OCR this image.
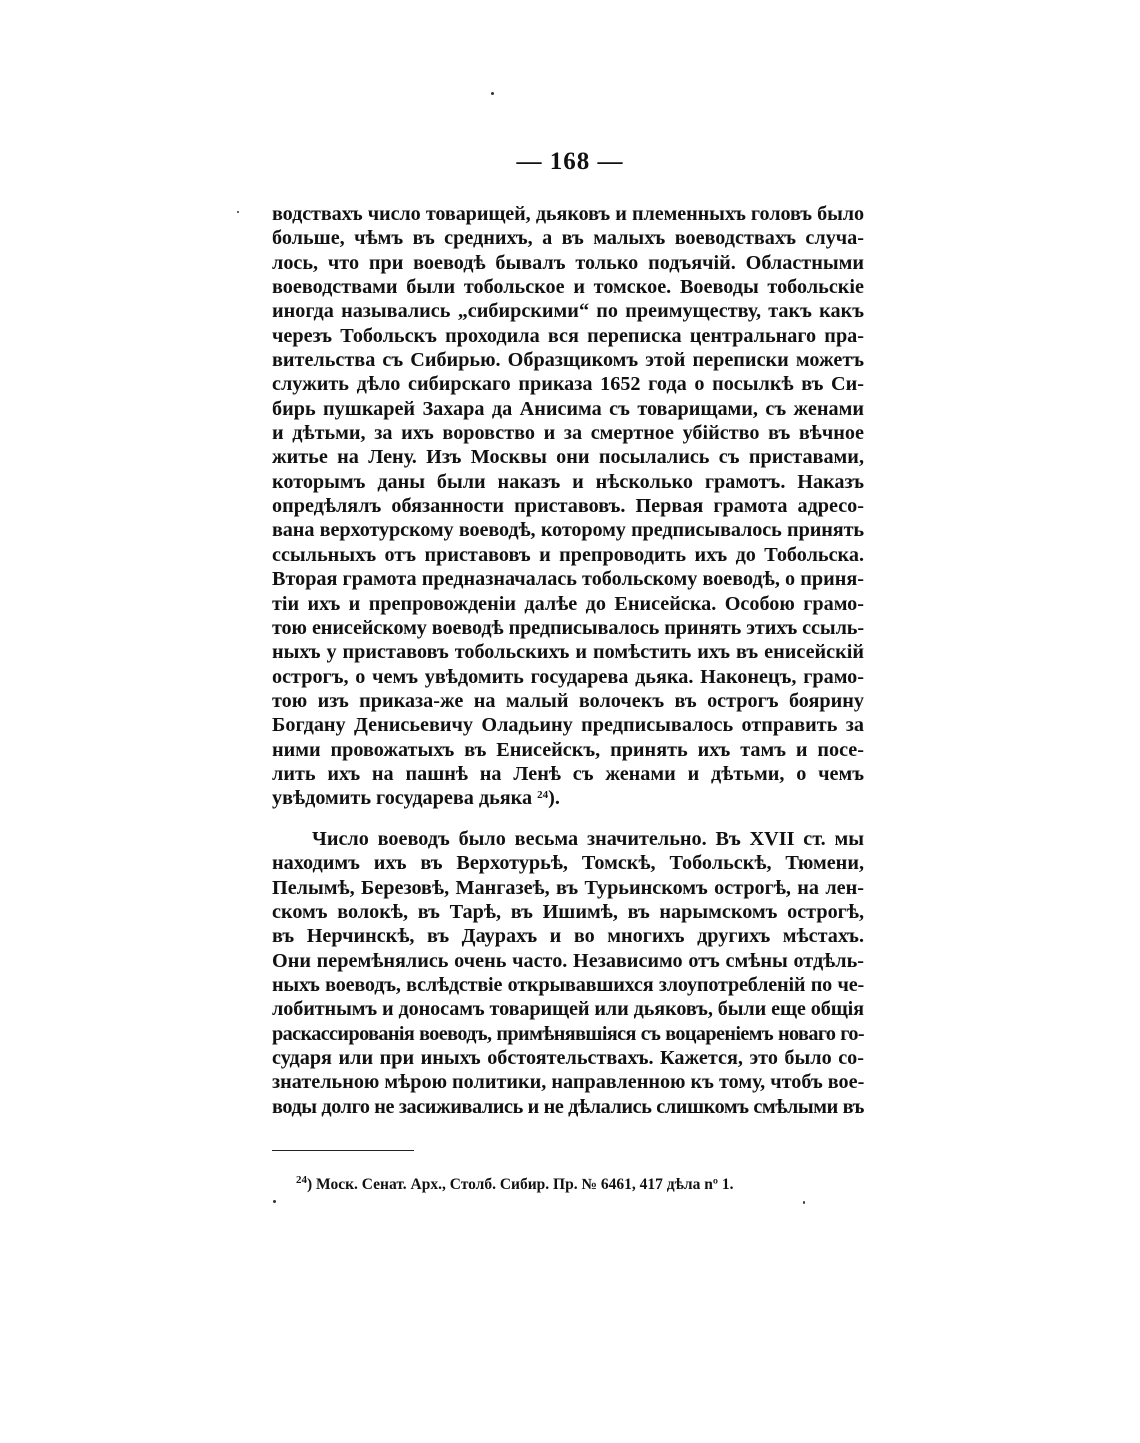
— 168 —
водствахъ число товарищей, дьяковъ и племенныхъ головъ было
больше, чѣмъ въ среднихъ, а въ малыхъ воеводствахъ случа-
лось, что при воеводѣ бывалъ только подъячій. Областными
воеводствами были тобольское и томское. Воеводы тобольскіе
иногда назывались „сибирскими“ по преимуществу, такъ какъ
черезъ Тобольскъ проходила вся переписка центральнаго пра-
вительства съ Сибирью. Образщикомъ этой переписки можетъ
служить дѣло сибирскаго приказа 1652 года о посылкѣ въ Си-
бирь пушкарей Захара да Анисима съ товарищами, съ женами
и дѣтьми, за ихъ воровство и за смертное убійство въ вѣчное
житье на Лену. Изъ Москвы они посылались съ приставами,
которымъ даны были наказъ и нѣсколько грамотъ. Наказъ
опредѣлялъ обязанности приставовъ. Первая грамота адресо-
вана верхотурскому воеводѣ, которому предписывалось принять
ссыльныхъ отъ приставовъ и препроводить ихъ до Тобольска.
Вторая грамота предназначалась тобольскому воеводѣ, о приня-
тіи ихъ и препровожденіи далѣе до Енисейска. Особою грамо-
тою енисейскому воеводѣ предписывалось принять этихъ ссыль-
ныхъ у приставовъ тобольскихъ и помѣстить ихъ въ енисейскій
острогъ, о чемъ увѣдомить государева дьяка. Наконецъ, грамо-
тою изъ приказа-же на малый волочекъ въ острогъ боярину
Богдану Денисьевичу Оладьину предписывалось отправить за
ними провожатыхъ въ Енисейскъ, принять ихъ тамъ и посе-
лить ихъ на пашнѣ на Ленѣ съ женами и дѣтьми, о чемъ
увѣдомить государева дьяка $^{24}$).
Число воеводъ было весьма значительно. Въ XVII ст. мы
находимъ ихъ въ Верхотурьѣ, Томскѣ, Тобольскѣ, Тюмени,
Пелымѣ, Березовѣ, Мангазеѣ, въ Турьинскомъ острогѣ, на лен-
скомъ волокѣ, въ Тарѣ, въ Ишимѣ, въ нарымскомъ острогѣ,
въ Нерчинскѣ, въ Даурахъ и во многихъ другихъ мѣстахъ.
Они перемѣнялись очень часто. Независимо отъ смѣны отдѣль-
ныхъ воеводъ, вслѣдствіе открывавшихся злоупотребленій по че-
лобитнымъ и доносамъ товарищей или дьяковъ, были еще общія
раскассированія воеводъ, примѣнявшіяся съ воцареніемъ новаго го-
сударя или при иныхъ обстоятельствахъ. Кажется, это было со-
знательною мѣрою политики, направленною къ тому, чтобъ вое-
воды долго не засиживались и не дѣлались слишкомъ смѣлыми въ
$^{24}$) Моск. Сенат. Арх., Столб. Сибир. Пр. № 6461, 417 дѣла nº 1.
